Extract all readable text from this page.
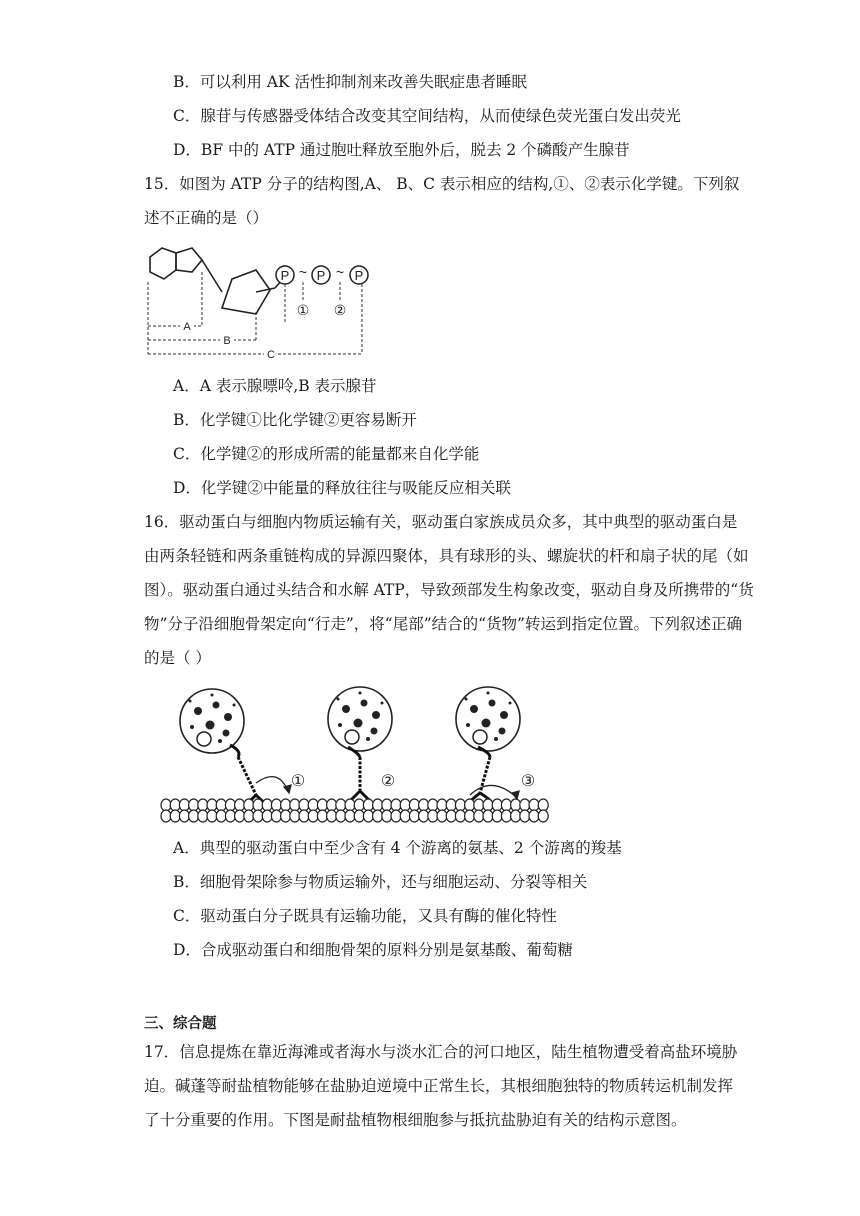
B．可以利用 AK 活性抑制剂来改善失眠症患者睡眠
C．腺苷与传感器受体结合改变其空间结构，从而使绿色荧光蛋白发出荧光
D．BF 中的 ATP 通过胞吐释放至胞外后，脱去 2 个磷酸产生腺苷
15．如图为 ATP 分子的结构图,A、 B、C 表示相应的结构,①、②表示化学键。下列叙
述不正确的是（）
P P P
~ ~
① ②
A
B
C
A．A 表示腺嘌呤,B 表示腺苷
B．化学键①比化学键②更容易断开
C．化学键②的形成所需的能量都来自化学能
D．化学键②中能量的释放往往与吸能反应相关联
16．驱动蛋白与细胞内物质运输有关，驱动蛋白家族成员众多，其中典型的驱动蛋白是
由两条轻链和两条重链构成的异源四聚体，具有球形的头、螺旋状的杆和扇子状的尾（如
图）。驱动蛋白通过头结合和水解 ATP，导致颈部发生构象改变，驱动自身及所携带的“货
物”分子沿细胞骨架定向“行走”，将“尾部”结合的“货物”转运到指定位置。下列叙述正确
的是（ ）
①	②	③
A．典型的驱动蛋白中至少含有 4 个游离的氨基、2 个游离的羧基
B．细胞骨架除参与物质运输外，还与细胞运动、分裂等相关
C．驱动蛋白分子既具有运输功能，又具有酶的催化特性
D．合成驱动蛋白和细胞骨架的原料分别是氨基酸、葡萄糖
三、综合题
17．信息提炼在靠近海滩或者海水与淡水汇合的河口地区，陆生植物遭受着高盐环境胁
迫。碱蓬等耐盐植物能够在盐胁迫逆境中正常生长，其根细胞独特的物质转运机制发挥
了十分重要的作用。下图是耐盐植物根细胞参与抵抗盐胁迫有关的结构示意图。
